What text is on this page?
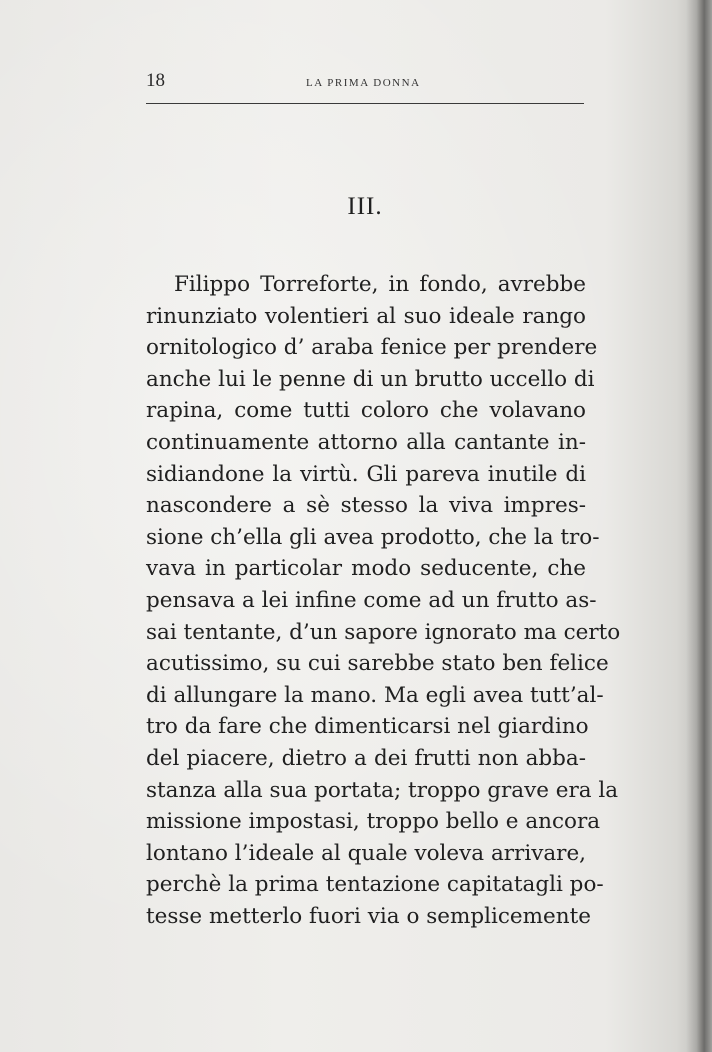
18	LA PRIMA DONNA
III.
Filippo Torreforte, in fondo, avrebbe
rinunziato volentieri al suo ideale rango
ornitologico d’ araba fenice per prendere
anche lui le penne di un brutto uccello di
rapina, come tutti coloro che volavano
continuamente attorno alla cantante in-
sidiandone la virtù. Gli pareva inutile di
nascondere a sè stesso la viva impres-
sione ch’ella gli avea prodotto, che la tro-
vava in particolar modo seducente, che
pensava a lei infine come ad un frutto as-
sai tentante, d’un sapore ignorato ma certo
acutissimo, su cui sarebbe stato ben felice
di allungare la mano. Ma egli avea tutt’al-
tro da fare che dimenticarsi nel giardino
del piacere, dietro a dei frutti non abba-
stanza alla sua portata; troppo grave era la
missione impostasi, troppo bello e ancora
lontano l’ideale al quale voleva arrivare,
perchè la prima tentazione capitatagli po-
tesse metterlo fuori via o semplicemente
